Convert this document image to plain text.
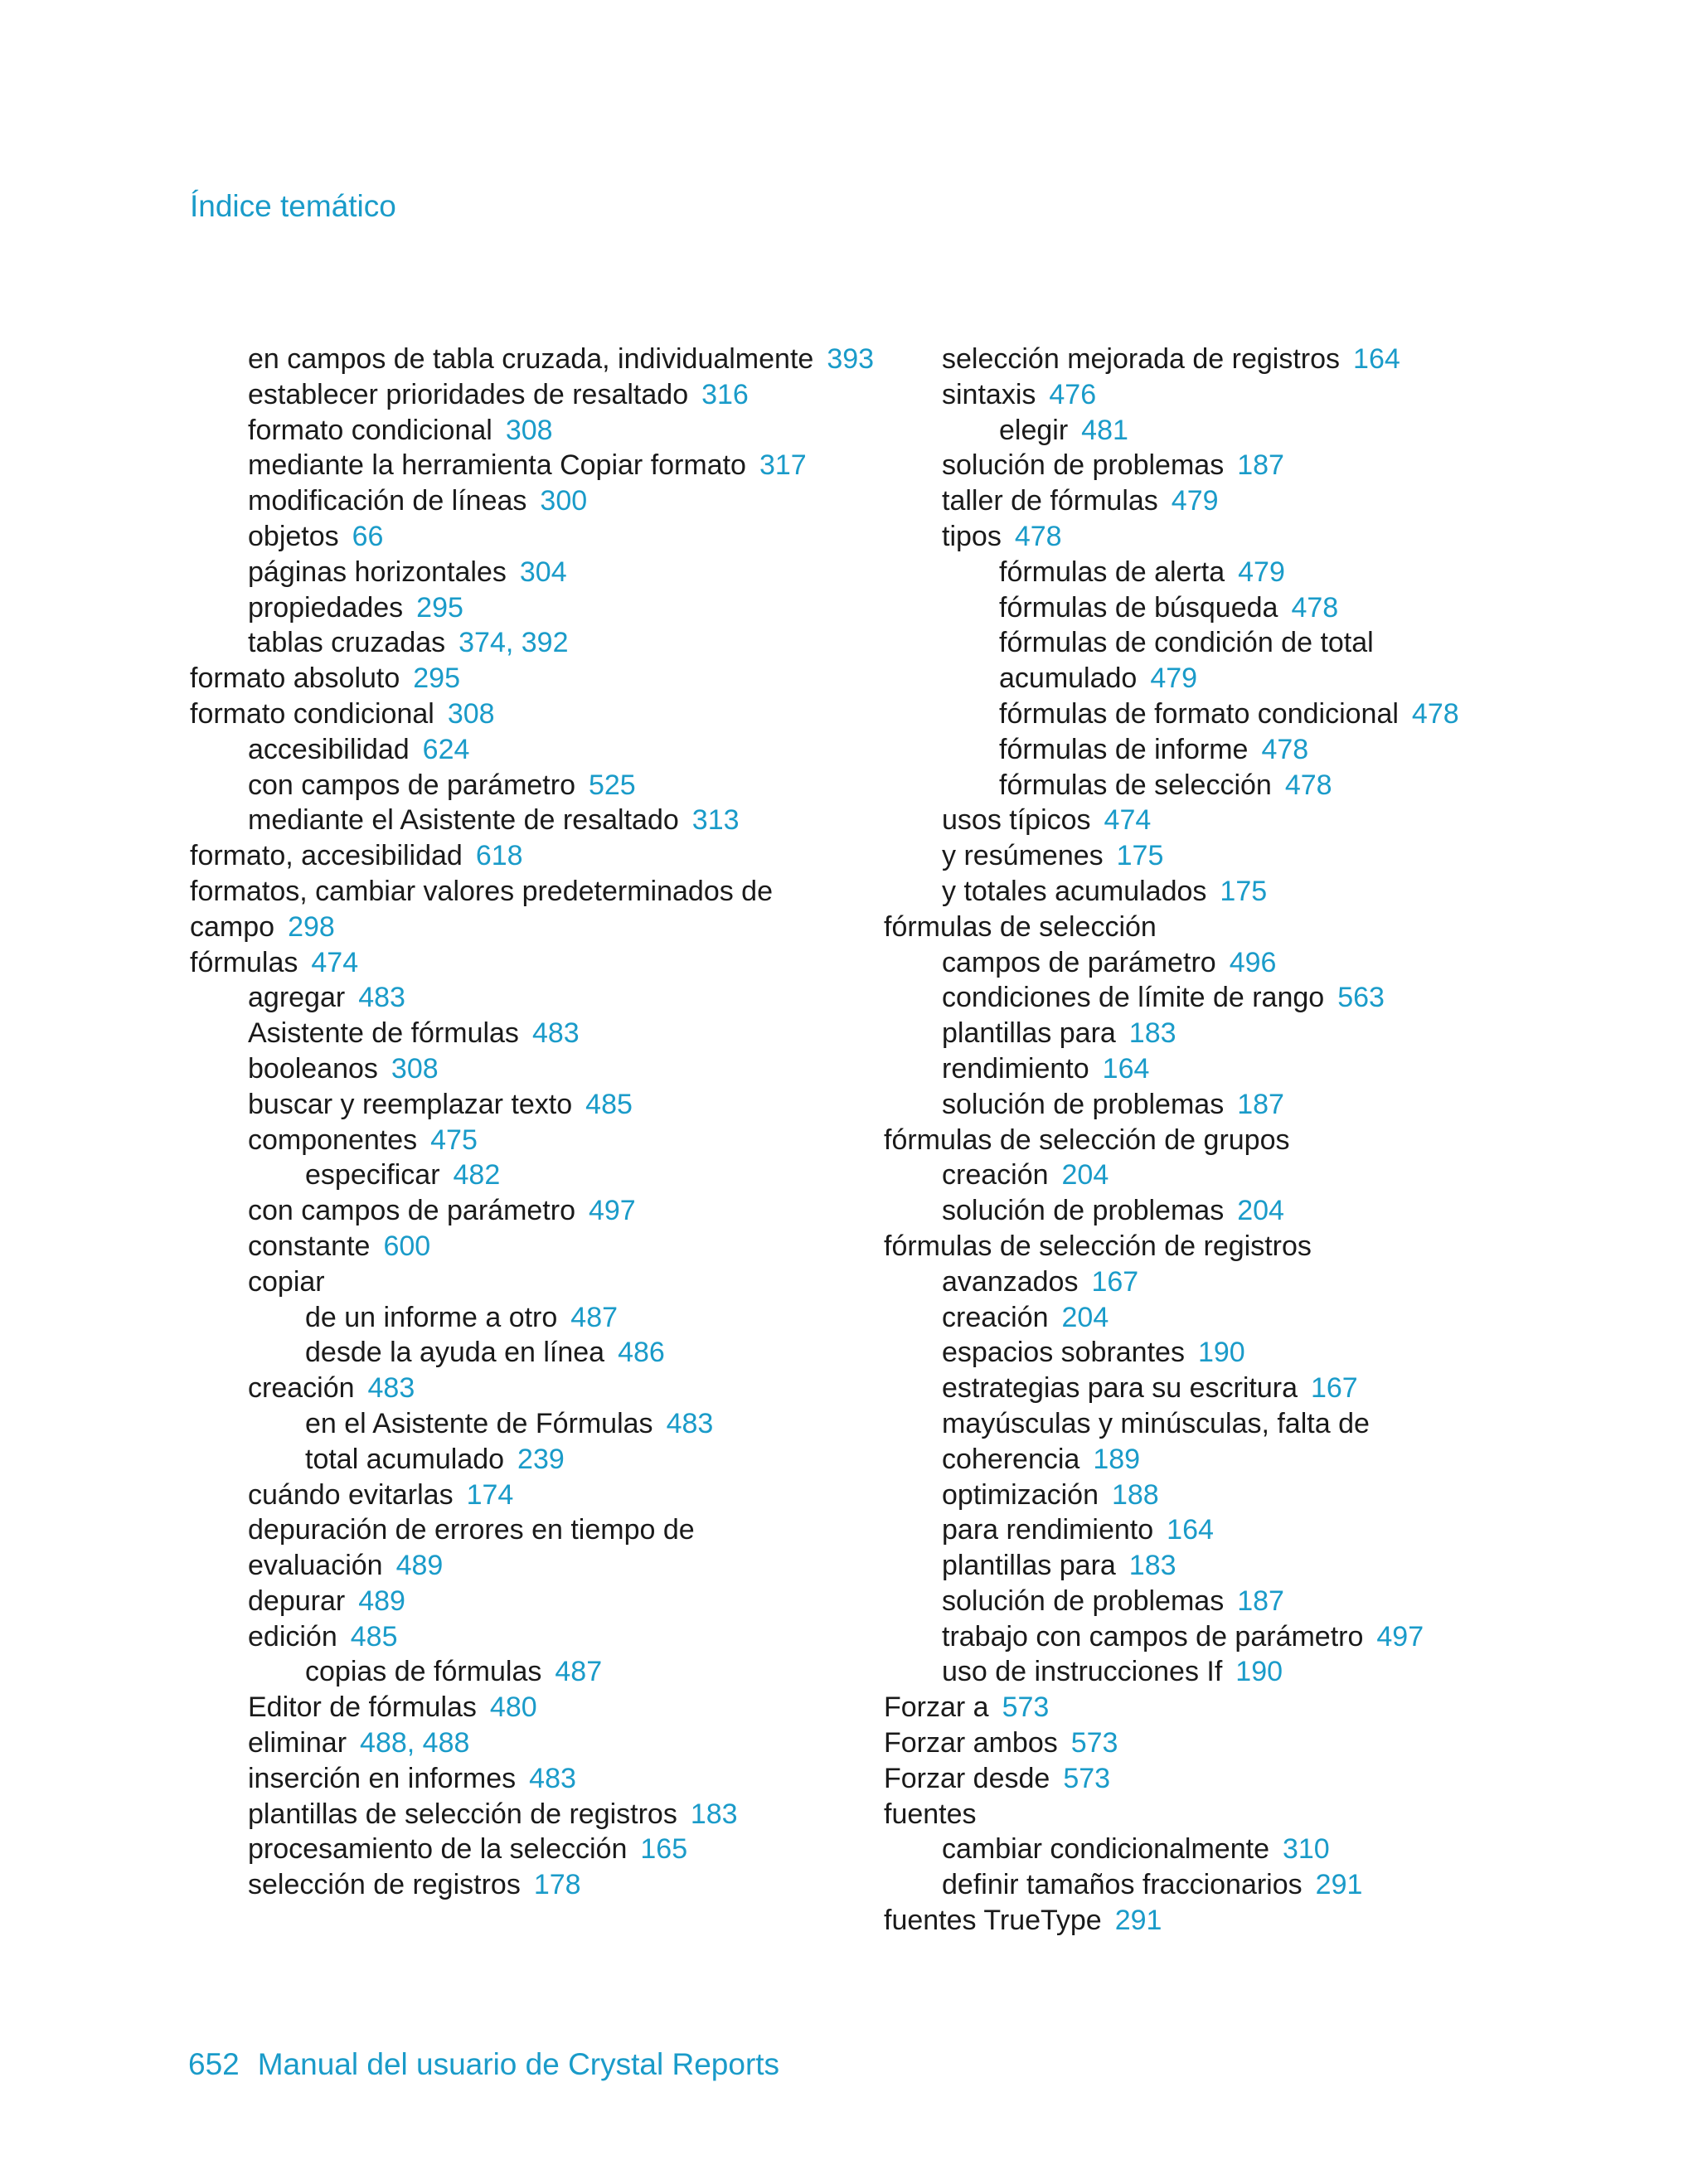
Índice temático
en campos de tabla cruzada, individualmente 393
establecer prioridades de resaltado 316
formato condicional 308
mediante la herramienta Copiar formato 317
modificación de líneas 300
objetos 66
páginas horizontales 304
propiedades 295
tablas cruzadas 374, 392
formato absoluto 295
formato condicional 308
accesibilidad 624
con campos de parámetro 525
mediante el Asistente de resaltado 313
formato, accesibilidad 618
formatos, cambiar valores predeterminados de campo 298
fórmulas 474
agregar 483
Asistente de fórmulas 483
booleanos 308
buscar y reemplazar texto 485
componentes 475
especificar 482
con campos de parámetro 497
constante 600
copiar
de un informe a otro 487
desde la ayuda en línea 486
creación 483
en el Asistente de Fórmulas 483
total acumulado 239
cuándo evitarlas 174
depuración de errores en tiempo de evaluación 489
depurar 489
edición 485
copias de fórmulas 487
Editor de fórmulas 480
eliminar 488, 488
inserción en informes 483
plantillas de selección de registros 183
procesamiento de la selección 165
selección de registros 178
selección mejorada de registros 164
sintaxis 476
elegir 481
solución de problemas 187
taller de fórmulas 479
tipos 478
fórmulas de alerta 479
fórmulas de búsqueda 478
fórmulas de condición de total acumulado 479
fórmulas de formato condicional 478
fórmulas de informe 478
fórmulas de selección 478
usos típicos 474
y resúmenes 175
y totales acumulados 175
fórmulas de selección
campos de parámetro 496
condiciones de límite de rango 563
plantillas para 183
rendimiento 164
solución de problemas 187
fórmulas de selección de grupos
creación 204
solución de problemas 204
fórmulas de selección de registros
avanzados 167
creación 204
espacios sobrantes 190
estrategias para su escritura 167
mayúsculas y minúsculas, falta de coherencia 189
optimización 188
para rendimiento 164
plantillas para 183
solución de problemas 187
trabajo con campos de parámetro 497
uso de instrucciones If 190
Forzar a 573
Forzar ambos 573
Forzar desde 573
fuentes
cambiar condicionalmente 310
definir tamaños fraccionarios 291
fuentes TrueType 291
652 Manual del usuario de Crystal Reports
